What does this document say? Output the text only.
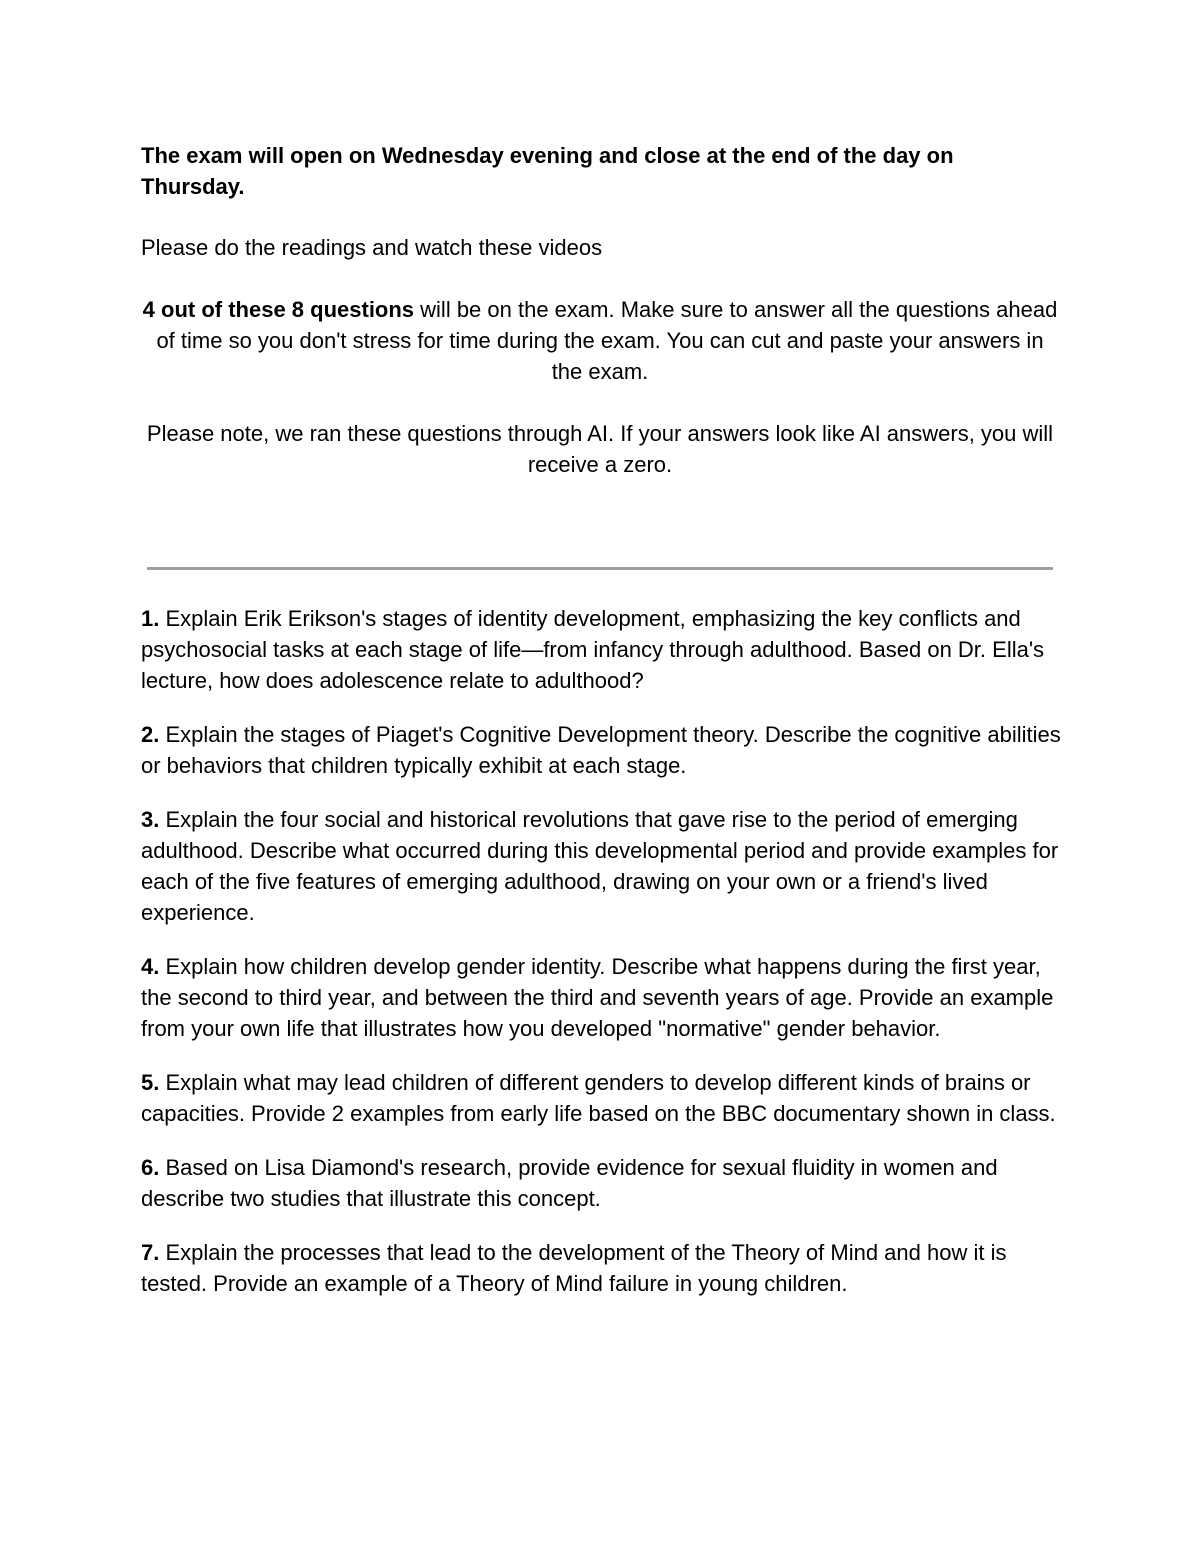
The exam will open on Wednesday evening and close at the end of the day on Thursday.

Please do the readings and watch these videos

4 out of these 8 questions will be on the exam. Make sure to answer all the questions ahead of time so you don't stress for time during the exam. You can cut and paste your answers in the exam.

Please note, we ran these questions through AI. If your answers look like AI answers, you will receive a zero.

1. Explain Erik Erikson's stages of identity development, emphasizing the key conflicts and psychosocial tasks at each stage of life—from infancy through adulthood. Based on Dr. Ella's lecture, how does adolescence relate to adulthood?

2. Explain the stages of Piaget's Cognitive Development theory. Describe the cognitive abilities or behaviors that children typically exhibit at each stage.

3. Explain the four social and historical revolutions that gave rise to the period of emerging adulthood. Describe what occurred during this developmental period and provide examples for each of the five features of emerging adulthood, drawing on your own or a friend's lived experience.

4. Explain how children develop gender identity. Describe what happens during the first year, the second to third year, and between the third and seventh years of age. Provide an example from your own life that illustrates how you developed "normative" gender behavior.

5. Explain what may lead children of different genders to develop different kinds of brains or capacities. Provide 2 examples from early life based on the BBC documentary shown in class.

6. Based on Lisa Diamond's research, provide evidence for sexual fluidity in women and describe two studies that illustrate this concept.

7. Explain the processes that lead to the development of the Theory of Mind and how it is tested. Provide an example of a Theory of Mind failure in young children.
